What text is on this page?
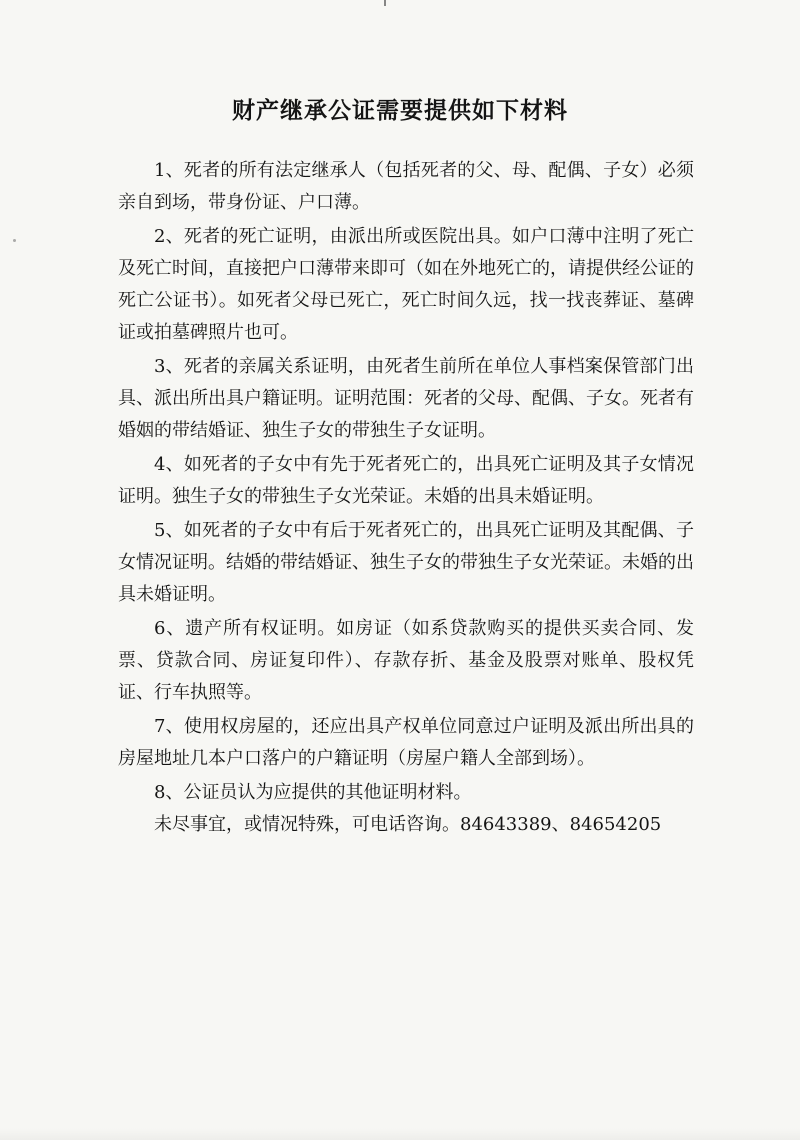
财产继承公证需要提供如下材料

1、死者的所有法定继承人（包括死者的父、母、配偶、子女）必须亲自到场，带身份证、户口薄。

2、死者的死亡证明，由派出所或医院出具。如户口薄中注明了死亡及死亡时间，直接把户口薄带来即可（如在外地死亡的，请提供经公证的死亡公证书）。如死者父母已死亡，死亡时间久远，找一找丧葬证、墓碑证或拍墓碑照片也可。

3、死者的亲属关系证明，由死者生前所在单位人事档案保管部门出具、派出所出具户籍证明。证明范围：死者的父母、配偶、子女。死者有婚姻的带结婚证、独生子女的带独生子女证明。

4、如死者的子女中有先于死者死亡的，出具死亡证明及其子女情况证明。独生子女的带独生子女光荣证。未婚的出具未婚证明。

5、如死者的子女中有后于死者死亡的，出具死亡证明及其配偶、子女情况证明。结婚的带结婚证、独生子女的带独生子女光荣证。未婚的出具未婚证明。

6、遗产所有权证明。如房证（如系贷款购买的提供买卖合同、发票、贷款合同、房证复印件）、存款存折、基金及股票对账单、股权凭证、行车执照等。

7、使用权房屋的，还应出具产权单位同意过户证明及派出所出具的房屋地址几本户口落户的户籍证明（房屋户籍人全部到场）。

8、公证员认为应提供的其他证明材料。

未尽事宜，或情况特殊，可电话咨询。84643389、84654205
